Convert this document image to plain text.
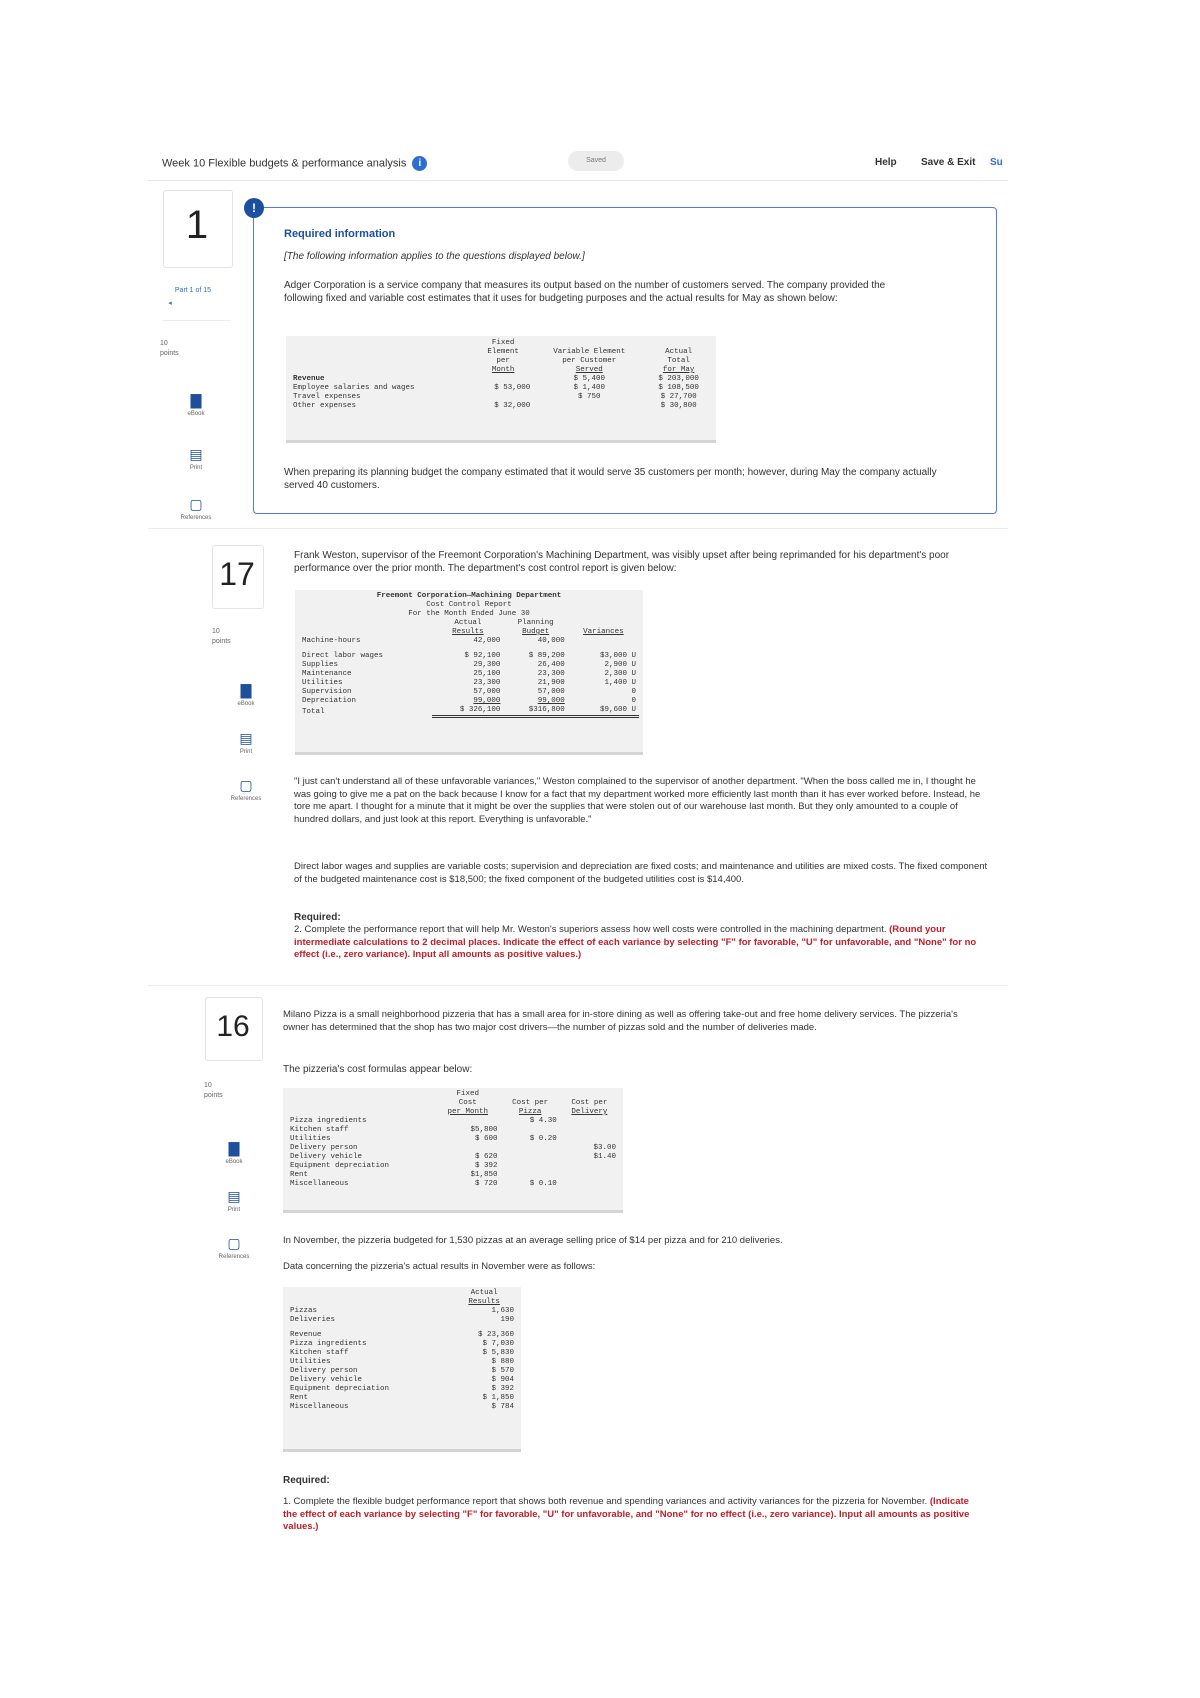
Week 10 Flexible budgets & performance analysis i	Saved	Help Save & Exit Su
1
Part 1 of 15
◂
10
points
▇
eBook
▤
Print
▢
References
!
Required information
[The following information applies to the questions displayed below.]
Adger Corporation is a service company that measures its output based on the number of customers served. The company provided the following fixed and variable cost estimates that it uses for budgeting purposes and the actual results for May as shown below:
	Fixed		
	Element	Variable Element	Actual
	per	per Customer	Total
	Month	Served	for May
Revenue		$ 5,400	$ 203,000
Employee salaries and wages	$ 53,000	$ 1,400	$ 108,500
Travel expenses		$ 750	$ 27,700
Other expenses	$ 32,000		$ 30,800
When preparing its planning budget the company estimated that it would serve 35 customers per month; however, during May the company actually served 40 customers.
17
10
points
▇
eBook
▤
Print
▢
References
Frank Weston, supervisor of the Freemont Corporation's Machining Department, was visibly upset after being reprimanded for his department's poor performance over the prior month. The department's cost control report is given below:
Freemont Corporation—Machining Department			
Cost Control Report			
For the Month Ended June 30			
	Actual	Planning	
	Results	Budget	Variances
Machine-hours	42,000	40,000	

Direct labor wages	$ 92,100	$ 89,200	$3,000 U
Supplies	29,300	26,400	2,900 U
Maintenance	25,100	23,300	2,300 U
Utilities	23,300	21,900	1,400 U
Supervision	57,000	57,000	0
Depreciation	99,000	99,000	0
Total	$ 326,100	$316,800	$9,600 U
"I just can't understand all of these unfavorable variances," Weston complained to the supervisor of another department. "When the boss called me in, I thought he was going to give me a pat on the back because I know for a fact that my department worked more efficiently last month than it has ever worked before. Instead, he tore me apart. I thought for a minute that it might be over the supplies that were stolen out of our warehouse last month. But they only amounted to a couple of hundred dollars, and just look at this report. Everything is unfavorable."
Direct labor wages and supplies are variable costs; supervision and depreciation are fixed costs; and maintenance and utilities are mixed costs. The fixed component of the budgeted maintenance cost is $18,500; the fixed component of the budgeted utilities cost is $14,400.
Required:
2. Complete the performance report that will help Mr. Weston's superiors assess how well costs were controlled in the machining department. (Round your intermediate calculations to 2 decimal places. Indicate the effect of each variance by selecting "F" for favorable, "U" for unfavorable, and "None" for no effect (i.e., zero variance). Input all amounts as positive values.)
16
10
points
▇
eBook
▤
Print
▢
References
Milano Pizza is a small neighborhood pizzeria that has a small area for in-store dining as well as offering take-out and free home delivery services. The pizzeria's owner has determined that the shop has two major cost drivers—the number of pizzas sold and the number of deliveries made.
The pizzeria's cost formulas appear below:
	Fixed		
	Cost	Cost per	Cost per
	per Month	Pizza	Delivery
Pizza ingredients		$ 4.30	
Kitchen staff	$5,800		
Utilities	$ 600	$ 0.20	
Delivery person			$3.00
Delivery vehicle	$ 620		$1.40
Equipment depreciation	$ 392		
Rent	$1,850		
Miscellaneous	$ 720	$ 0.10	
In November, the pizzeria budgeted for 1,530 pizzas at an average selling price of $14 per pizza and for 210 deliveries.
Data concerning the pizzeria's actual results in November were as follows:
	Actual
	Results
Pizzas	1,630
Deliveries	190

Revenue	$ 23,360
Pizza ingredients	$ 7,030
Kitchen staff	$ 5,830
Utilities	$ 880
Delivery person	$ 570
Delivery vehicle	$ 904
Equipment depreciation	$ 392
Rent	$ 1,850
Miscellaneous	$ 784
Required:
1. Complete the flexible budget performance report that shows both revenue and spending variances and activity variances for the pizzeria for November. (Indicate the effect of each variance by selecting "F" for favorable, "U" for unfavorable, and "None" for no effect (i.e., zero variance). Input all amounts as positive values.)
